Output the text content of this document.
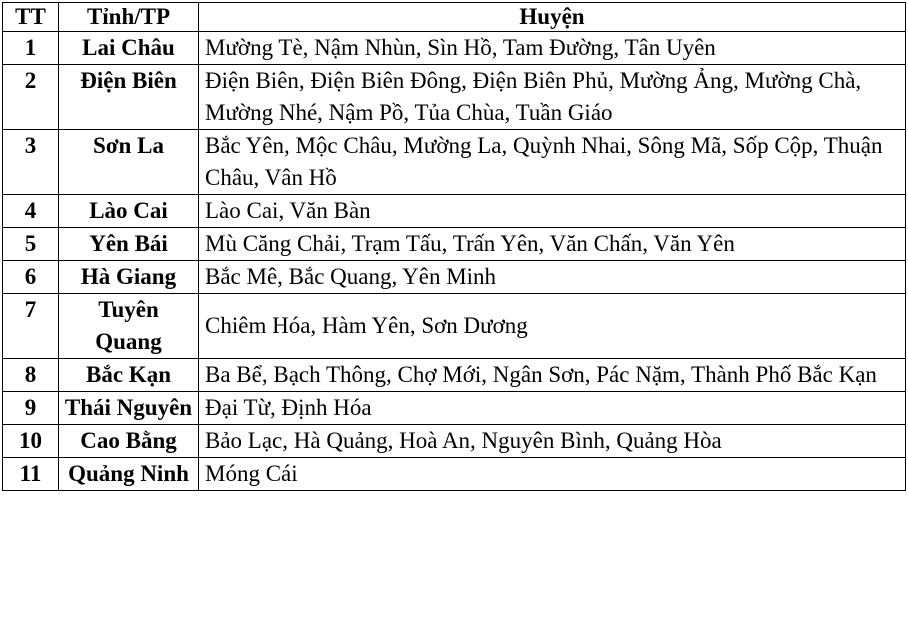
TT	Tỉnh/TP	Huyện
1	Lai Châu	Mường Tè, Nậm Nhùn, Sìn Hồ, Tam Đường, Tân Uyên
2	Điện Biên	Điện Biên, Điện Biên Đông, Điện Biên Phủ, Mường Ảng, Mường Chà, Mường Nhé, Nậm Pồ, Tủa Chùa, Tuần Giáo
3	Sơn La	Bắc Yên, Mộc Châu, Mường La, Quỳnh Nhai, Sông Mã, Sốp Cộp, Thuận Châu, Vân Hồ
4	Lào Cai	Lào Cai, Văn Bàn
5	Yên Bái	Mù Căng Chải, Trạm Tấu, Trấn Yên, Văn Chấn, Văn Yên
6	Hà Giang	Bắc Mê, Bắc Quang, Yên Minh
7	Tuyên Quang	Chiêm Hóa, Hàm Yên, Sơn Dương
8	Bắc Kạn	Ba Bể, Bạch Thông, Chợ Mới, Ngân Sơn, Pác Nặm, Thành Phố Bắc Kạn
9	Thái Nguyên	Đại Từ, Định Hóa
10	Cao Bằng	Bảo Lạc, Hà Quảng, Hoà An, Nguyên Bình, Quảng Hòa
11	Quảng Ninh	Móng Cái
